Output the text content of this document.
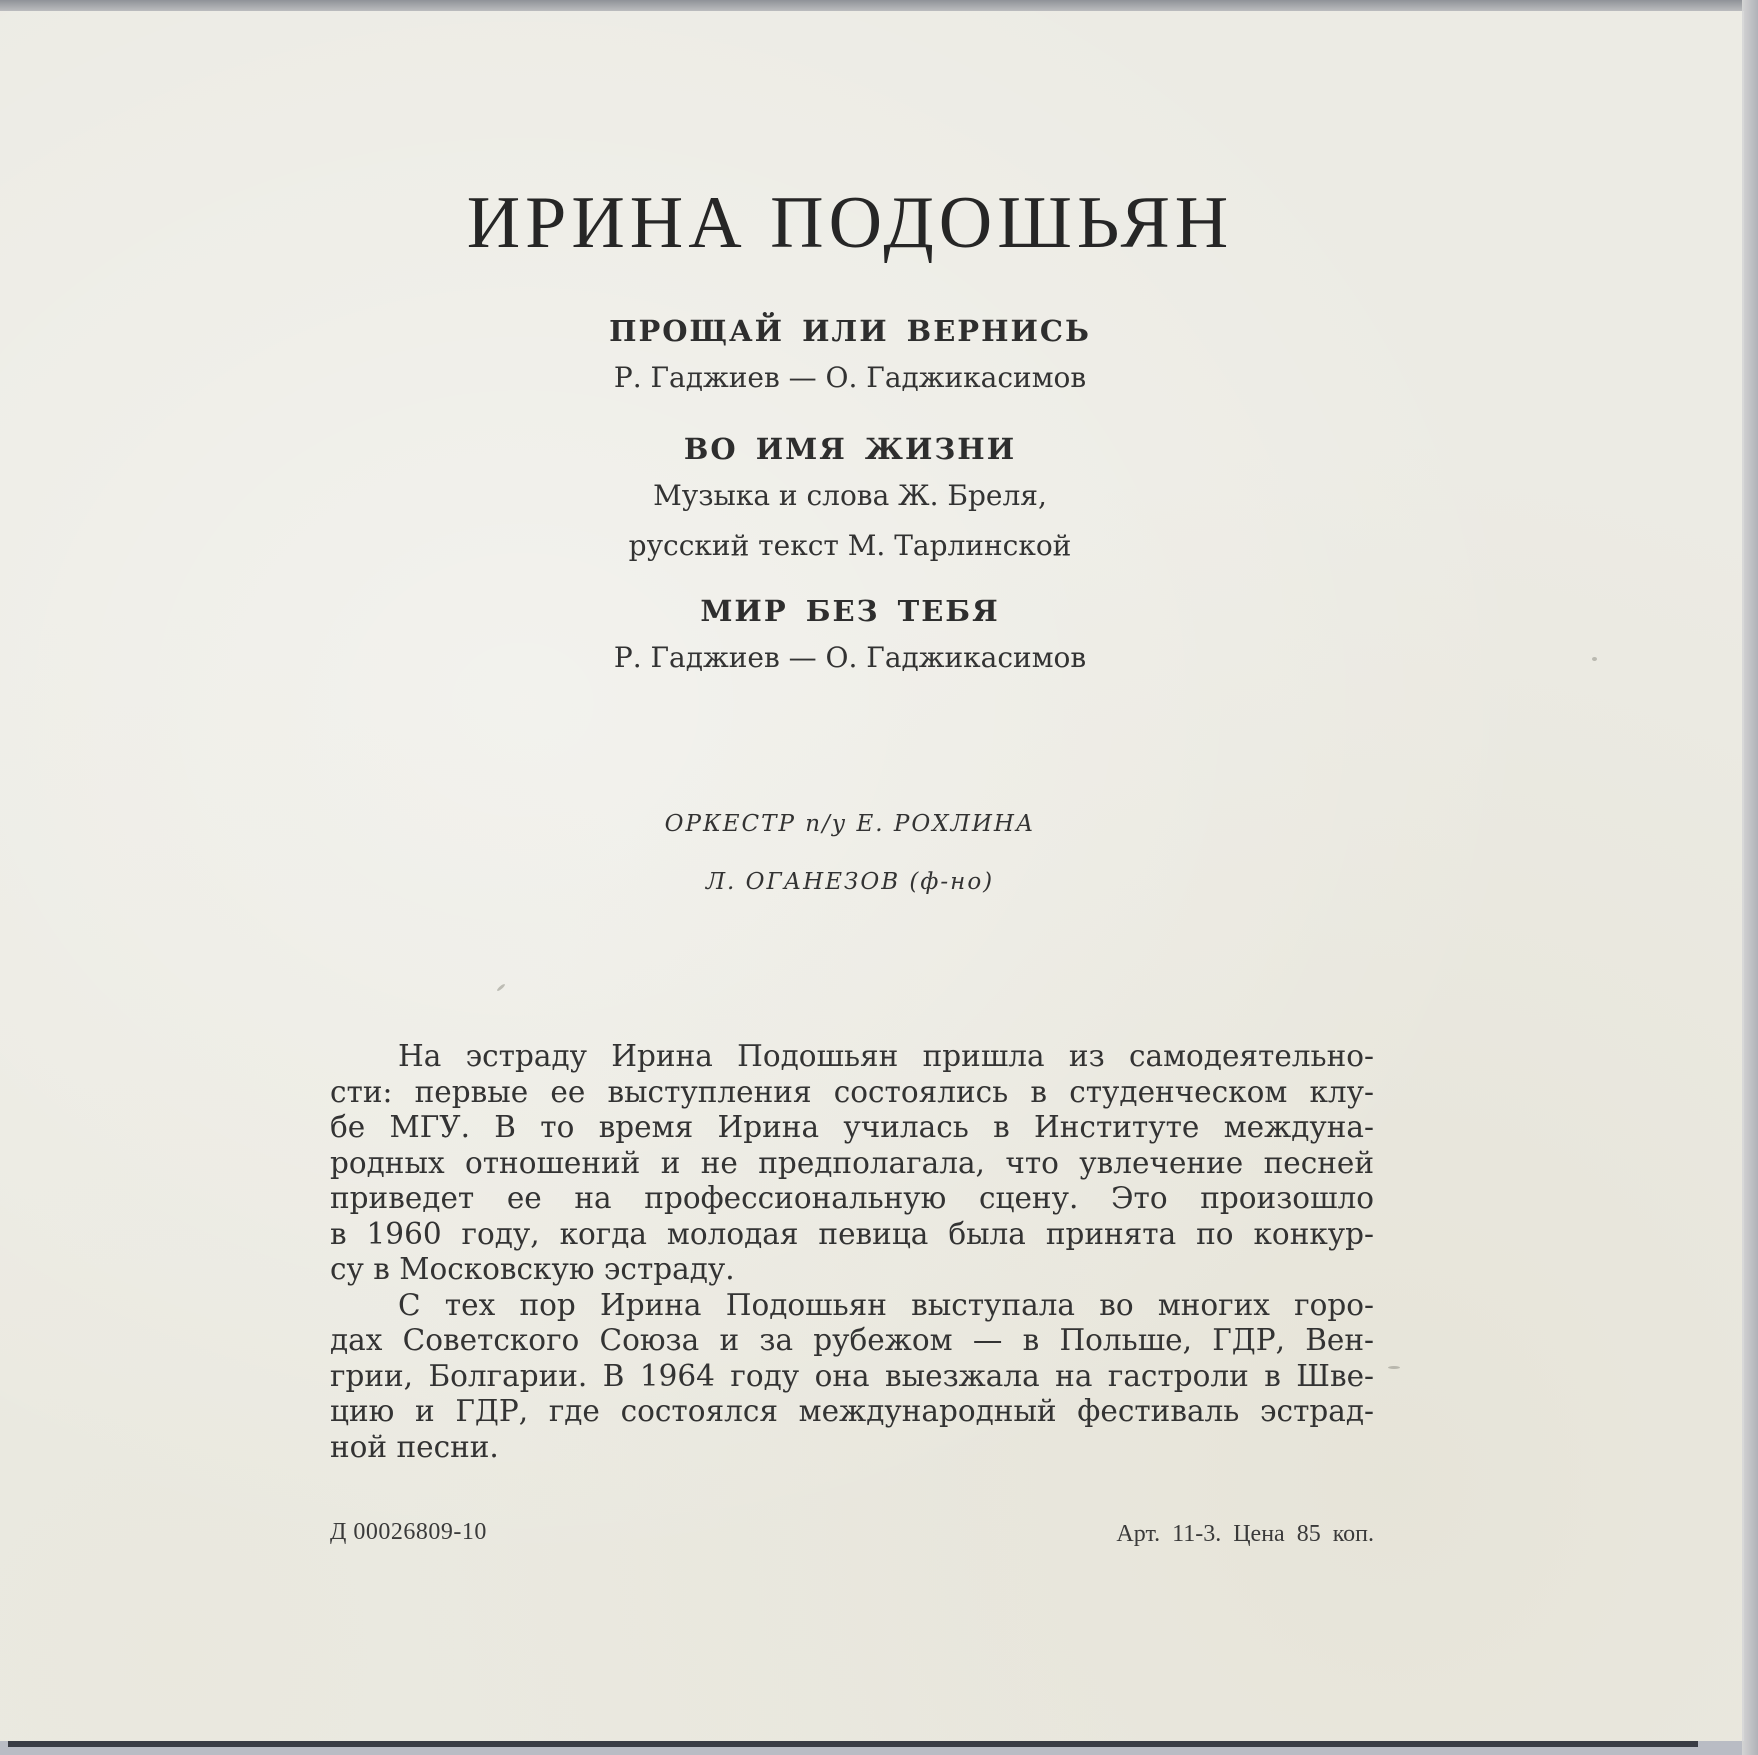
ИРИНА ПОДОШЬЯН
ПРОЩАЙ ИЛИ ВЕРНИСЬ
Р. Гаджиев — О. Гаджикасимов
ВО ИМЯ ЖИЗНИ
Музыка и слова Ж. Бреля,
русский текст М. Тарлинской
МИР БЕЗ ТЕБЯ
Р. Гаджиев — О. Гаджикасимов
ОРКЕСТР п/у Е. РОХЛИНА
Л. ОГАНЕЗОВ (ф-но)
На эстраду Ирина Подошьян пришла из самодеятельно-
сти: первые ее выступления состоялись в студенческом клу-
бе МГУ. В то время Ирина училась в Институте междуна-
родных отношений и не предполагала, что увлечение песней
приведет ее на профессиональную сцену. Это произошло
в 1960 году, когда молодая певица была принята по конкур-
су в Московскую эстраду.
С тех пор Ирина Подошьян выступала во многих горо-
дах Советского Союза и за рубежом — в Польше, ГДР, Вен-
грии, Болгарии. В 1964 году она выезжала на гастроли в Шве-
цию и ГДР, где состоялся международный фестиваль эстрад-
ной песни.
Д 00026809-10	Арт. 11-3. Цена 85 коп.
